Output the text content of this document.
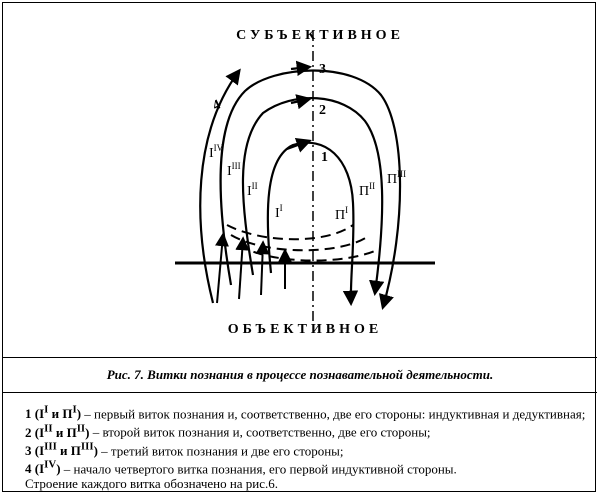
СУБЪЕКТИВНОЕ
ОБЪЕКТИВНОЕ
1
2
3
4
$I^I$	$П^I$
$I^{II}$	$П^{II}$
$I^{III}$
$П^{III}$
$I^{IV}$
Рис. 7. Витки познания в процессе познавательной деятельности.

1 ($I^I$ и $П^I$) – первый виток познания и, соответственно, две его стороны: индуктивная и дедуктивная;

2 ($I^{II}$ и $П^{II}$) – второй виток познания и, соответственно, две его стороны;

3 ($I^{III}$ и $П^{III}$) – третий виток познания и две его стороны;

4 $(I^{IV})$ – начало четвертого витка познания, его первой индуктивной стороны.

Строение каждого витка обозначено на рис.6.
